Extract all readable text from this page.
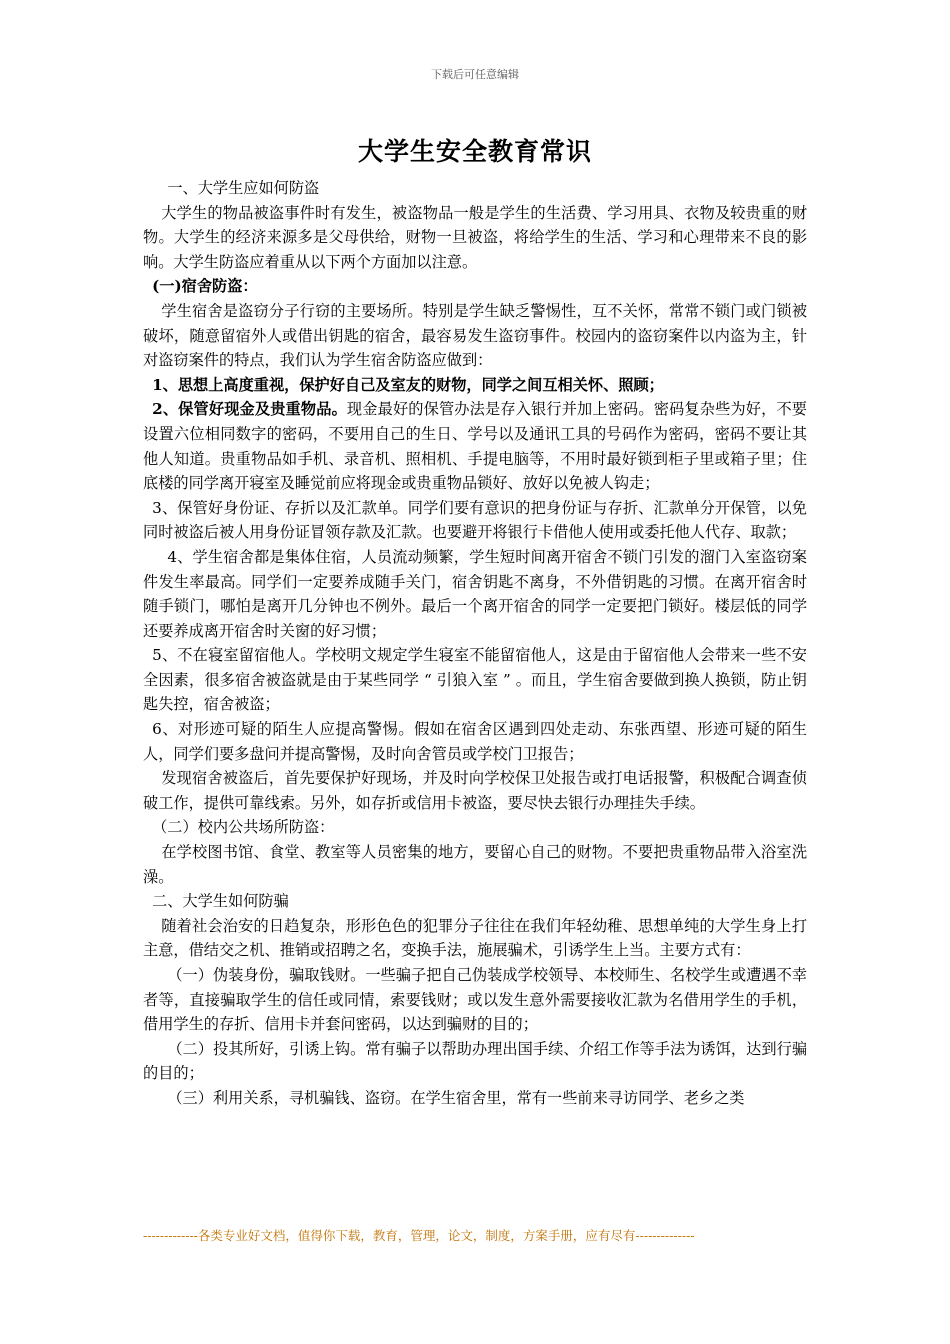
下载后可任意编辑
大学生安全教育常识

一、大学生应如何防盗

大学生的物品被盗事件时有发生，被盗物品一般是学生的生活费、学习用具、衣物及较贵重的财物。大学生的经济来源多是父母供给，财物一旦被盗，将给学生的生活、学习和心理带来不良的影响。大学生防盗应着重从以下两个方面加以注意。

(一)宿舍防盗：

学生宿舍是盗窃分子行窃的主要场所。特别是学生缺乏警惕性，互不关怀，常常不锁门或门锁被破坏，随意留宿外人或借出钥匙的宿舍，最容易发生盗窃事件。校园内的盗窃案件以内盗为主，针对盗窃案件的特点，我们认为学生宿舍防盗应做到：

1、思想上高度重视，保护好自己及室友的财物，同学之间互相关怀、照顾；

2、保管好现金及贵重物品。现金最好的保管办法是存入银行并加上密码。密码复杂些为好，不要设置六位相同数字的密码，不要用自己的生日、学号以及通讯工具的号码作为密码，密码不要让其他人知道。贵重物品如手机、录音机、照相机、手提电脑等，不用时最好锁到柜子里或箱子里；住底楼的同学离开寝室及睡觉前应将现金或贵重物品锁好、放好以免被人钩走；

3、保管好身份证、存折以及汇款单。同学们要有意识的把身份证与存折、汇款单分开保管，以免同时被盗后被人用身份证冒领存款及汇款。也要避开将银行卡借他人使用或委托他人代存、取款；

4、学生宿舍都是集体住宿，人员流动频繁，学生短时间离开宿舍不锁门引发的溜门入室盗窃案件发生率最高。同学们一定要养成随手关门，宿舍钥匙不离身，不外借钥匙的习惯。在离开宿舍时随手锁门，哪怕是离开几分钟也不例外。最后一个离开宿舍的同学一定要把门锁好。楼层低的同学还要养成离开宿舍时关窗的好习惯；

5、不在寝室留宿他人。学校明文规定学生寝室不能留宿他人，这是由于留宿他人会带来一些不安全因素，很多宿舍被盗就是由于某些同学 “ 引狼入室 ” 。而且，学生宿舍要做到换人换锁，防止钥匙失控，宿舍被盗；

6、对形迹可疑的陌生人应提高警惕。假如在宿舍区遇到四处走动、东张西望、形迹可疑的陌生人，同学们要多盘问并提高警惕，及时向舍管员或学校门卫报告；

发现宿舍被盗后，首先要保护好现场，并及时向学校保卫处报告或打电话报警，积极配合调查侦破工作，提供可靠线索。另外，如存折或信用卡被盗，要尽快去银行办理挂失手续。

（二）校内公共场所防盗：

在学校图书馆、食堂、教室等人员密集的地方，要留心自己的财物。不要把贵重物品带入浴室洗澡。

二、大学生如何防骗

随着社会治安的日趋复杂，形形色色的犯罪分子往往在我们年轻幼稚、思想单纯的大学生身上打主意，借结交之机、推销或招聘之名，变换手法，施展骗术，引诱学生上当。主要方式有：

（一）伪装身份，骗取钱财。一些骗子把自己伪装成学校领导、本校师生、名校学生或遭遇不幸者等，直接骗取学生的信任或同情，索要钱财；或以发生意外需要接收汇款为名借用学生的手机，借用学生的存折、信用卡并套问密码，以达到骗财的目的；

（二）投其所好，引诱上钩。常有骗子以帮助办理出国手续、介绍工作等手法为诱饵，达到行骗的目的；

（三）利用关系，寻机骗钱、盗窃。在学生宿舍里，常有一些前来寻访同学、老乡之类

-------------各类专业好文档，值得你下载，教育，管理，论文，制度，方案手册，应有尽有--------------
